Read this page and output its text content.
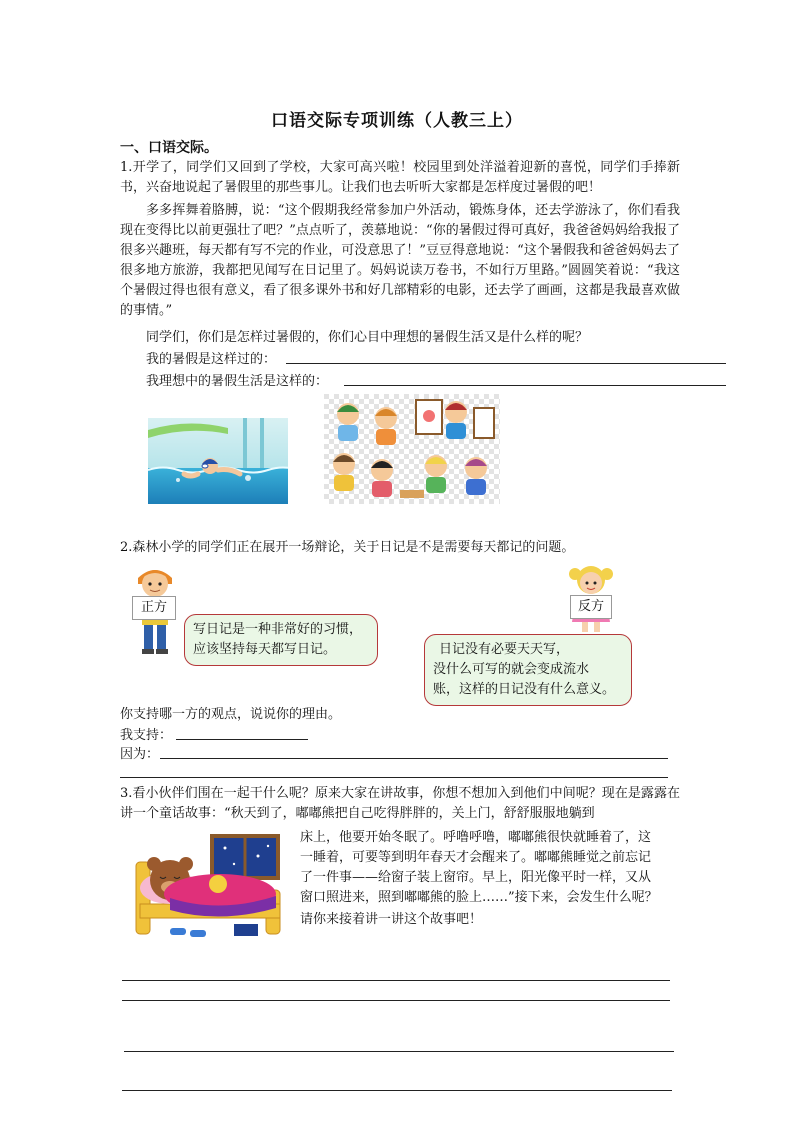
口语交际专项训练（人教三上）
一、口语交际。
1.开学了，同学们又回到了学校，大家可高兴啦！校园里到处洋溢着迎新的喜悦，同学们手捧新书，兴奋地说起了暑假里的那些事儿。让我们也去听听大家都是怎样度过暑假的吧！
多多挥舞着胳膊，说：“这个假期我经常参加户外活动，锻炼身体，还去学游泳了，你们看我现在变得比以前更强壮了吧？”点点听了，羡慕地说：“你的暑假过得可真好，我爸爸妈妈给我报了很多兴趣班，每天都有写不完的作业，可没意思了！”豆豆得意地说：“这个暑假我和爸爸妈妈去了很多地方旅游，我都把见闻写在日记里了。妈妈说读万卷书，不如行万里路。”圆圆笑着说：“我这个暑假过得也很有意义，看了很多课外书和好几部精彩的电影，还去学了画画，这都是我最喜欢做的事情。”
同学们，你们是怎样过暑假的，你们心目中理想的暑假生活又是什么样的呢？
我的暑假是这样过的：
我理想中的暑假生活是这样的：
2.森林小学的同学们正在展开一场辩论，关于日记是不是需要每天都记的问题。
正方
写日记是一种非常好的习惯，
应该坚持每天都写日记。
反方
日记没有必要天天写，
没什么可写的就会变成流水
账，这样的日记没有什么意义。
你支持哪一方的观点，说说你的理由。
我支持：
因为：
3.看小伙伴们围在一起干什么呢？原来大家在讲故事，你想不想加入到他们中间呢？现在是露露在讲一个童话故事：“秋天到了，嘟嘟熊把自己吃得胖胖的，关上门，舒舒服服地躺到
床上，他要开始冬眠了。呼噜呼噜，嘟嘟熊很快就睡着了，这
一睡着，可要等到明年春天才会醒来了。嘟嘟熊睡觉之前忘记
了一件事——给窗子装上窗帘。早上，阳光像平时一样，又从
窗口照进来，照到嘟嘟熊的脸上……”接下来，会发生什么呢？
请你来接着讲一讲这个故事吧！
